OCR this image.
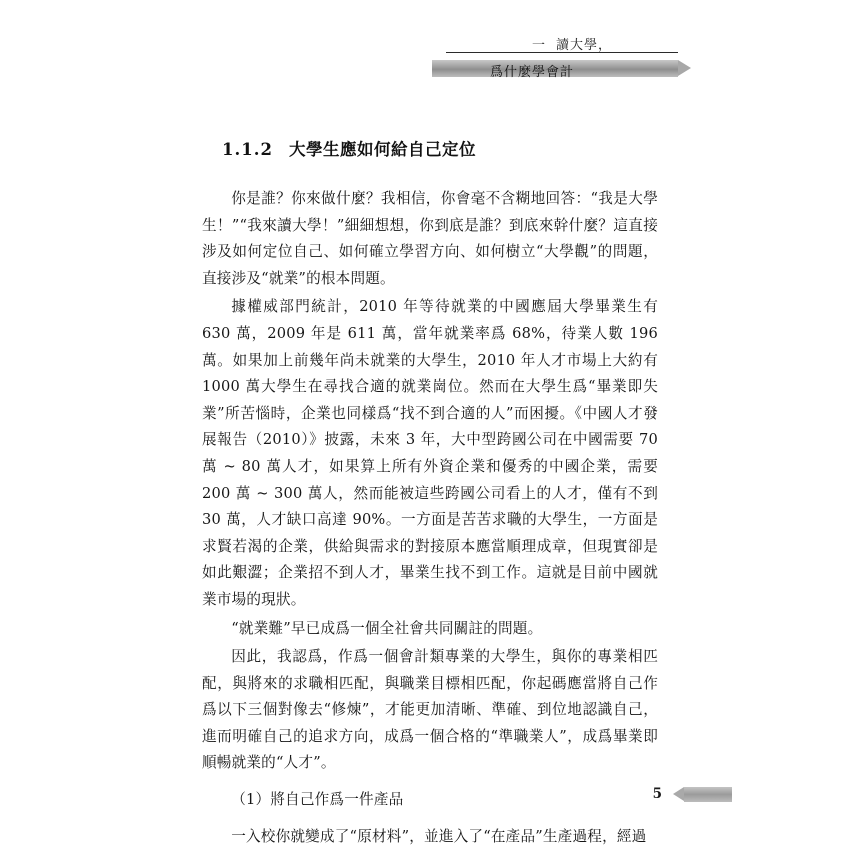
一 讀大學，
爲什麼學會計
1.1.2 大學生應如何給自己定位

你是誰？你來做什麼？我相信，你會毫不含糊地回答：“我是大學生！”“我來讀大學！”細細想想，你到底是誰？到底來幹什麼？這直接涉及如何定位自己、如何確立學習方向、如何樹立“大學觀”的問題，直接涉及“就業”的根本問題。

據權威部門統計，2010 年等待就業的中國應屆大學畢業生有 630 萬，2009 年是 611 萬，當年就業率爲 68%，待業人數 196 萬。如果加上前幾年尚未就業的大學生，2010 年人才市場上大約有 1000 萬大學生在尋找合適的就業崗位。然而在大學生爲“畢業即失業”所苦惱時，企業也同樣爲“找不到合適的人”而困擾。《中國人才發展報告（2010）》披露，未來 3 年，大中型跨國公司在中國需要 70 萬 ~ 80 萬人才，如果算上所有外資企業和優秀的中國企業，需要 200 萬 ~ 300 萬人，然而能被這些跨國公司看上的人才，僅有不到 30 萬，人才缺口高達 90%。一方面是苦苦求職的大學生，一方面是求賢若渴的企業，供給與需求的對接原本應當順理成章，但現實卻是如此艱澀；企業招不到人才，畢業生找不到工作。這就是目前中國就業市場的現狀。

“就業難”早已成爲一個全社會共同關註的問題。

因此，我認爲，作爲一個會計類專業的大學生，與你的專業相匹配，與將來的求職相匹配，與職業目標相匹配，你起碼應當將自己作爲以下三個對像去“修煉”，才能更加清晰、準確、到位地認識自己，進而明確自己的追求方向，成爲一個合格的“準職業人”，成爲畢業即順暢就業的“人才”。

（1）將自己作爲一件產品

一入校你就變成了“原材料”，並進入了“在產品”生產過程，經過

5
